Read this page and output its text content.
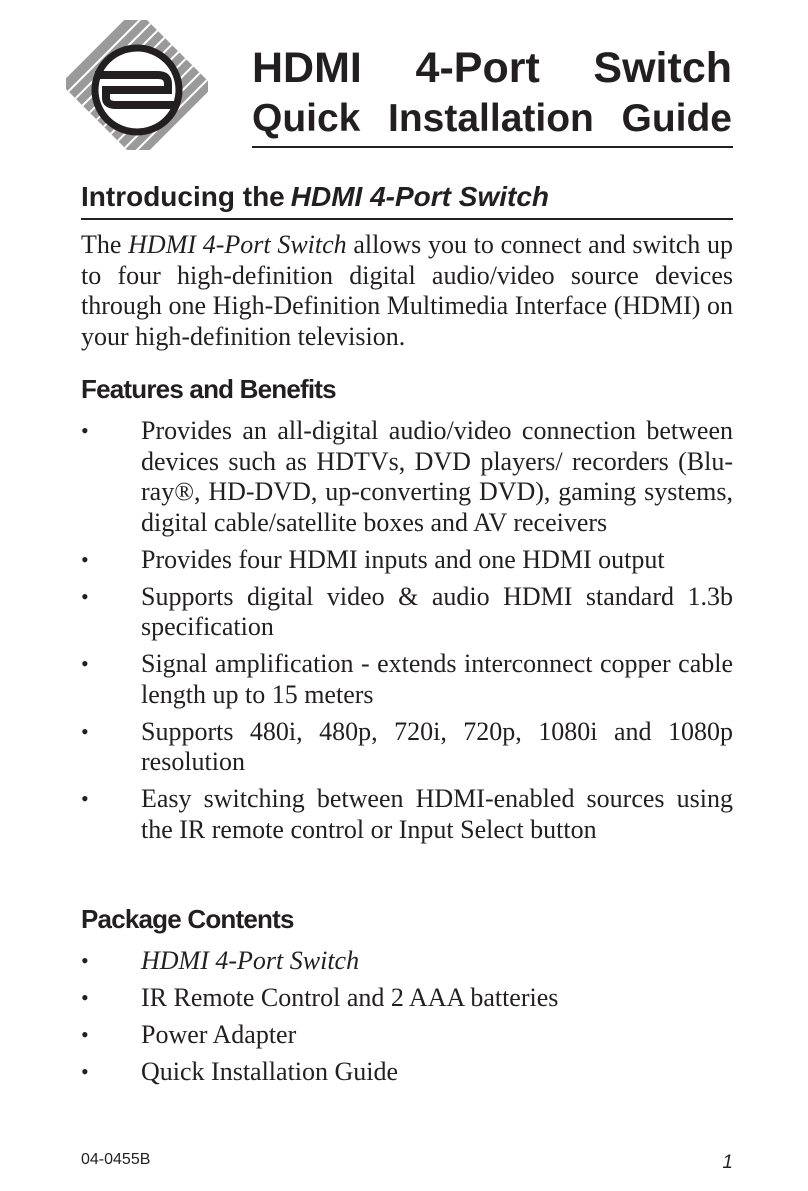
HDMI 4-Port Switch
Quick Installation Guide
Introducing the HDMI 4-Port Switch

The HDMI 4-Port Switch allows you to connect and switch up to four high-definition digital audio/video source devices through one High-Definition Multimedia Interface (HDMI) on your high-definition television.

Features and Benefits
•	Provides an all-digital audio/video connection between devices such as HDTVs, DVD players/ recorders (Blu-ray®, HD-DVD, up-converting DVD), gaming systems, digital cable/satellite boxes and AV receivers
•	Provides four HDMI inputs and one HDMI output
•	Supports digital video & audio HDMI standard 1.3b specification
•	Signal amplification - extends interconnect copper cable length up to 15 meters
•	Supports 480i, 480p, 720i, 720p, 1080i and 1080p resolution
•	Easy switching between HDMI-enabled sources using the IR remote control or Input Select button
Package Contents
•	HDMI 4-Port Switch
•	IR Remote Control and 2 AAA batteries
•	Power Adapter
•	Quick Installation Guide
04-0455B	1
